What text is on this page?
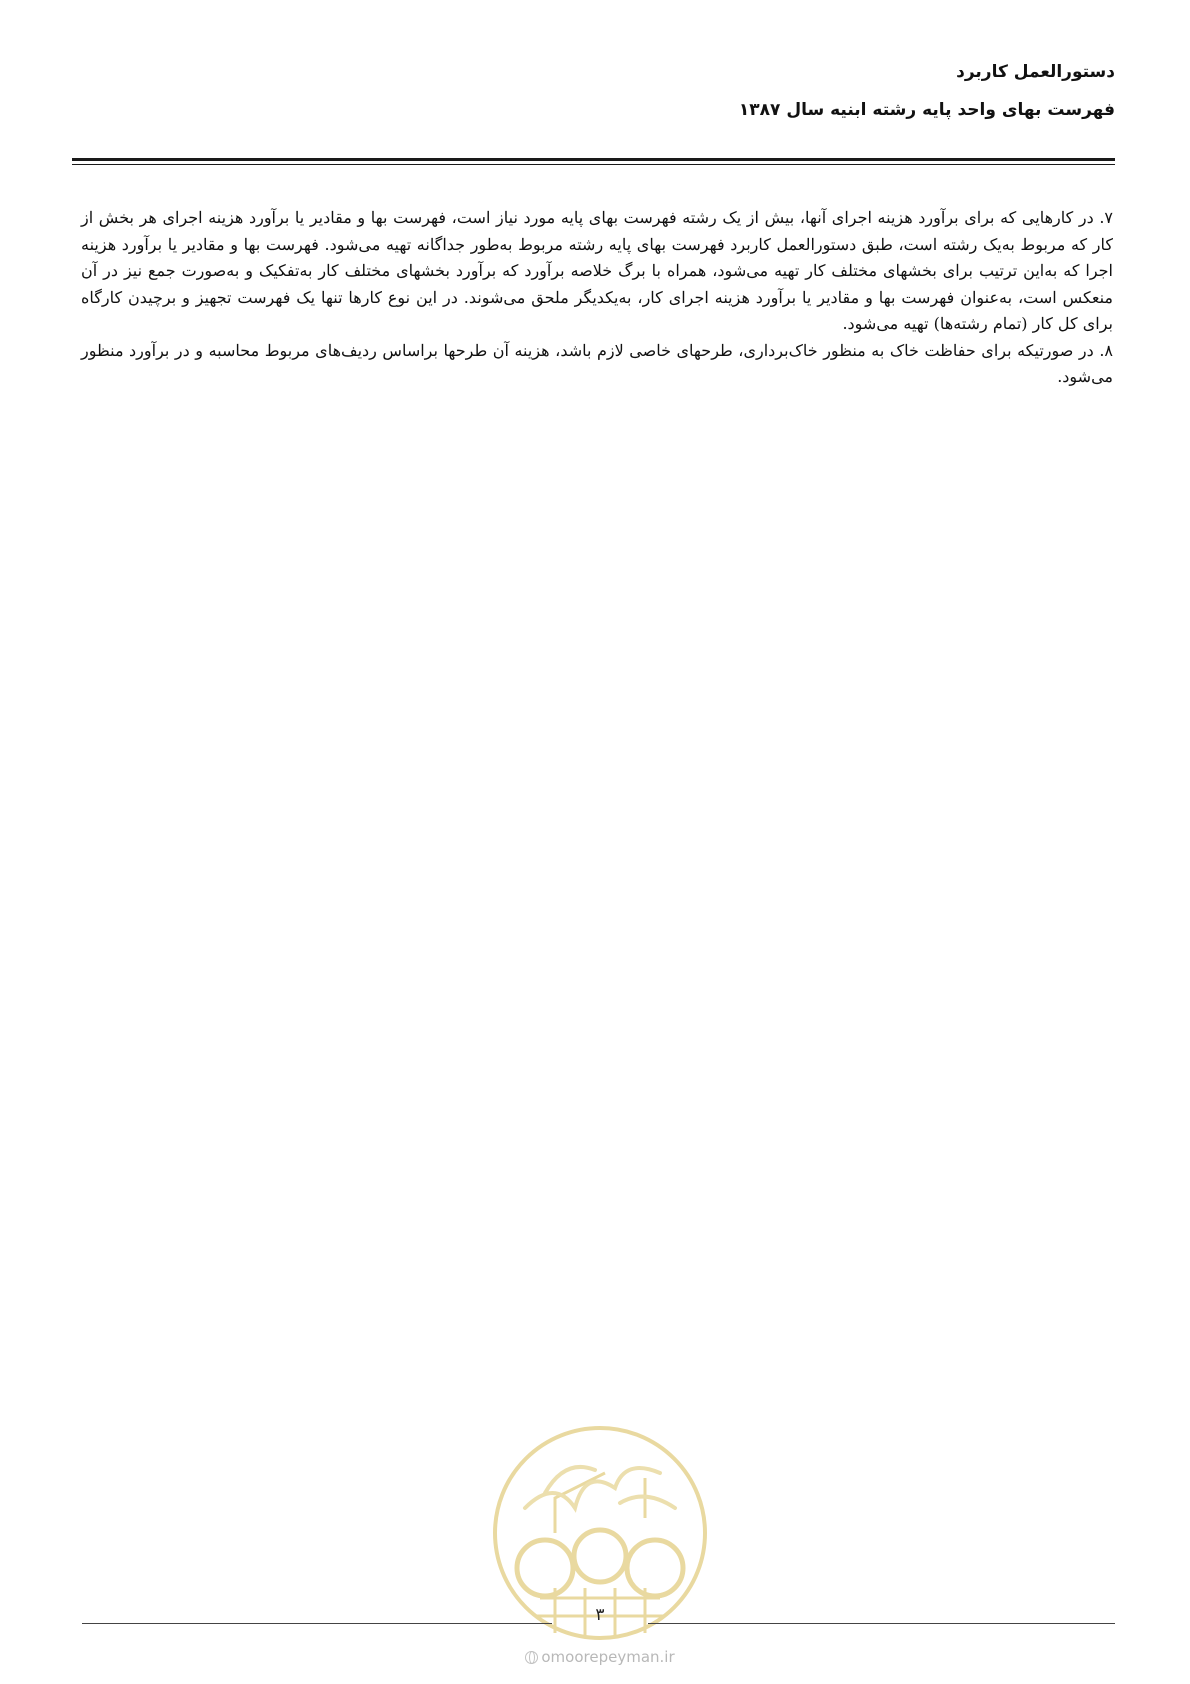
دستورالعمل کاربرد

فهرست بهای واحد پایه رشته ابنیه سال ۱۳۸۷

۷. در کارهایی که برای برآورد هزینه اجرای آنها، بیش از یک رشته فهرست بهای پایه مورد نیاز است، فهرست بها و مقادیر یا برآورد هزینه اجرای هر بخش از کار که مربوط به‌یک رشته است، طبق دستورالعمل کاربرد فهرست بهای پایه رشته مربوط به‌طور جداگانه تهیه می‌شود. فهرست بها و مقادیر یا برآورد هزینه اجرا که به‌این ترتیب برای بخشهای مختلف کار تهیه می‌شود، همراه با برگ خلاصه برآورد که برآورد بخشهای مختلف کار به‌تفکیک و به‌صورت جمع نیز در آن منعکس است، به‌عنوان فهرست بها و مقادیر یا برآورد هزینه اجرای کار، به‌یکدیگر ملحق می‌شوند. در این نوع کارها تنها یک فهرست تجهیز و برچیدن کارگاه برای کل کار (تمام رشته‌ها) تهیه می‌شود.

۸. در صورتیکه برای حفاظت خاک به منظور خاک‌برداری، طرحهای خاصی لازم باشد، هزینه آن طرحها براساس ردیف‌های مربوط محاسبه و در برآورد منظور می‌شود.

۳
omoorepeyman.ir
